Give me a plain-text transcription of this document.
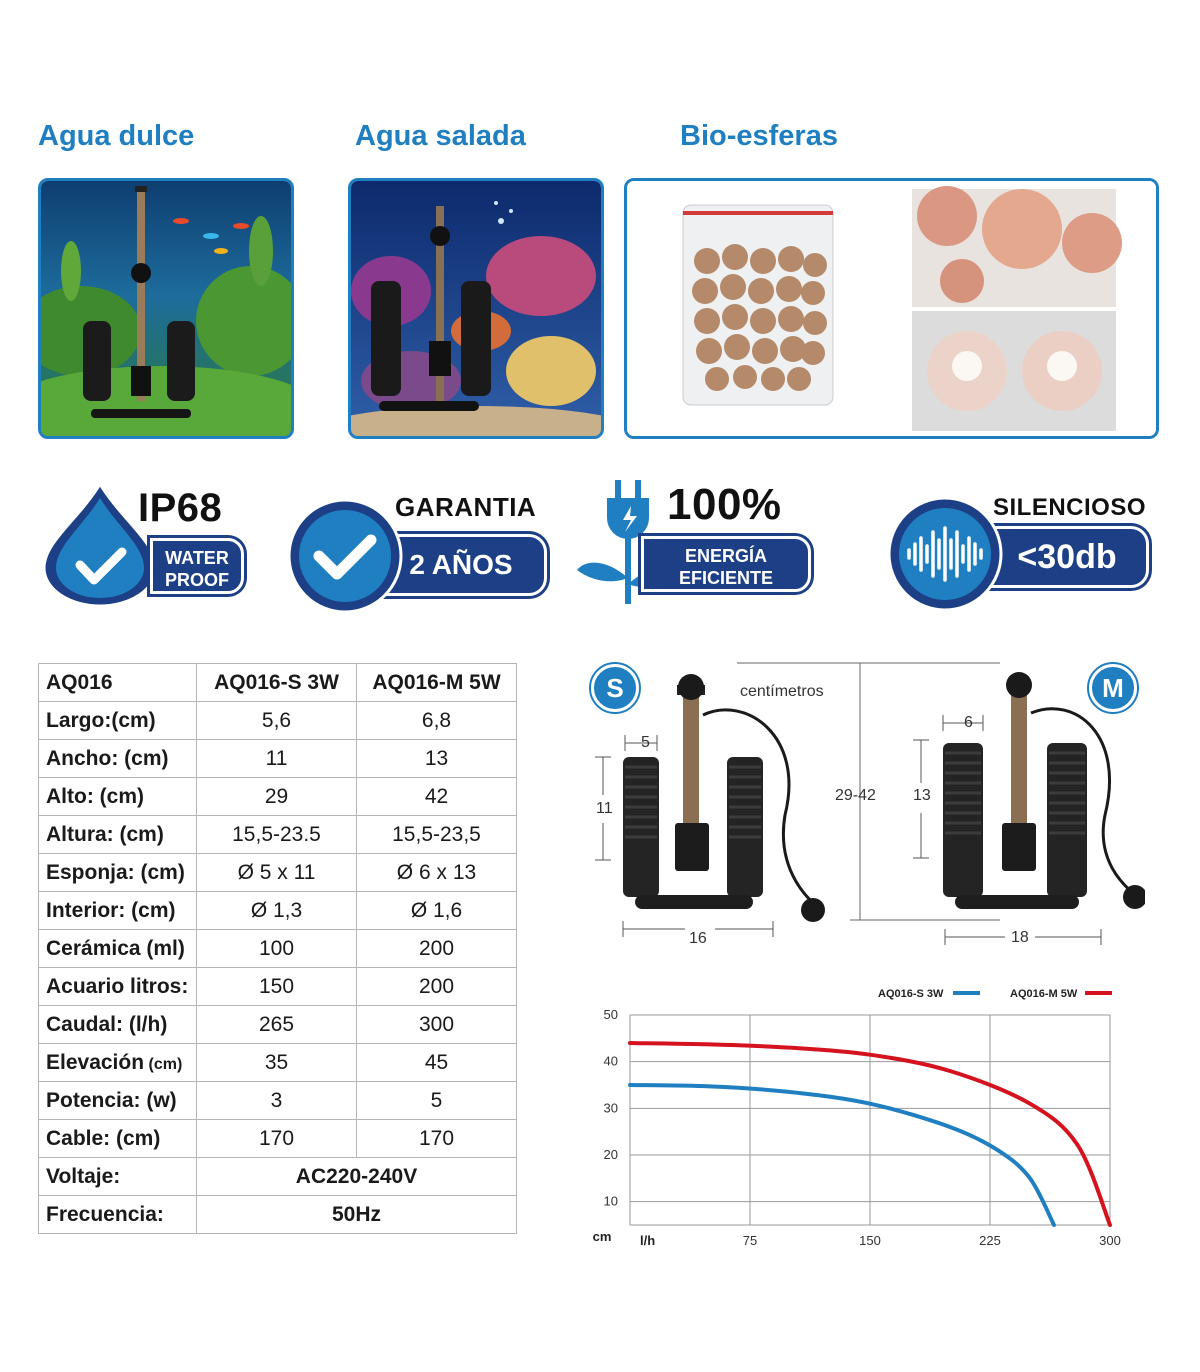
Agua dulce	Agua salada	Bio-esferas
IP68
WATER
PROOF	2 AÑOS
GARANTIA	100%
ENERGÍA
EFICIENTE
<30db
SILENCIOSO
AQ016	AQ016-S 3W	AQ016-M 5W
Largo:(cm)	5,6	6,8
Ancho: (cm)	11	13
Alto: (cm)	29	42
Altura: (cm)	15,5-23.5	15,5-23,5
Esponja: (cm)	Ø 5 x 11	Ø 6 x 13
Interior: (cm)	Ø 1,3	Ø 1,6
Cerámica (ml)	100	200
Acuario litros:	150	200
Caudal: (l/h)	265	300
Elevación (cm)	35	45
Potencia: (w)	3	5
Cable: (cm)	170	170
Voltaje:	AC220-240V	
Frecuencia:	50Hz	
S	M
centímetros
5
11
16
29-42
6
13
18
10
20
30
40
50
75	150	225	300
l/h
cm
AQ016-S 3W	AQ016-M 5W
